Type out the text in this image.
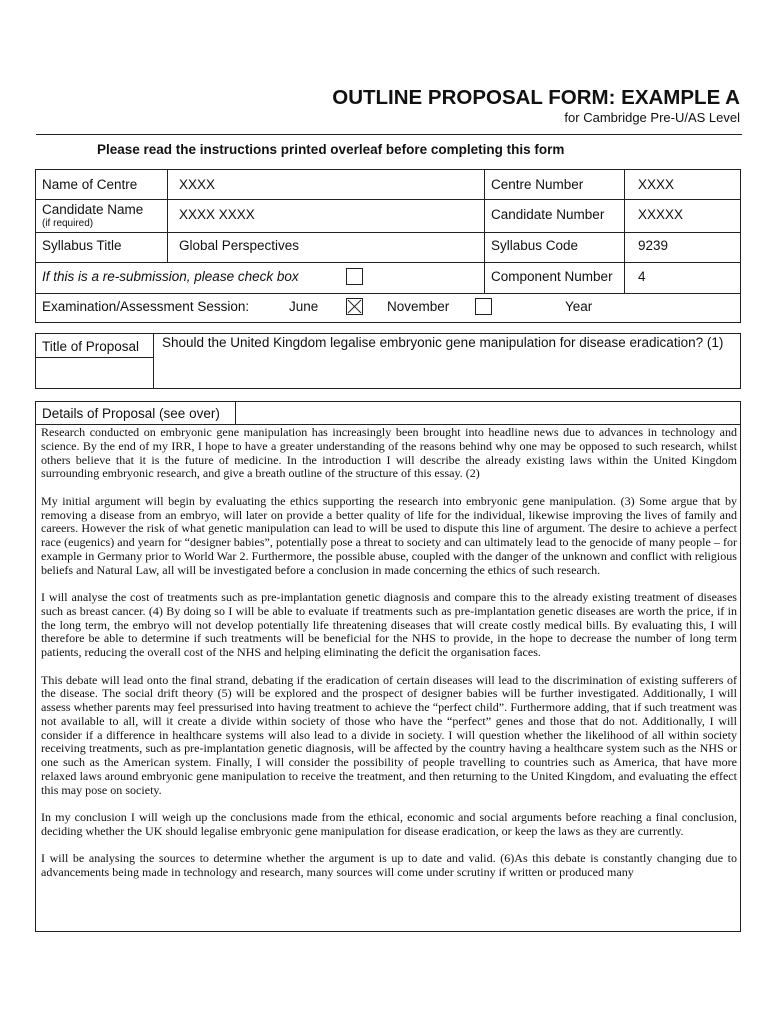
OUTLINE PROPOSAL FORM: EXAMPLE A
for Cambridge Pre-U/AS Level
Please read the instructions printed overleaf before completing this form
Name of Centre	XXXX	Centre Number	XXXX
Candidate Name
(if required)
XXXX XXXX	Candidate Number XXXXX
Syllabus Title	Global Perspectives	Syllabus Code	9239
If this is a re-submission, please check box	Component Number 4
Examination/Assessment Session:	June	November	Year
Title of Proposal Should the United Kingdom legalise embryonic gene manipulation for disease eradication? (1)
Details of Proposal (see over)

Research conducted on embryonic gene manipulation has increasingly been brought into headline news due to advances in technology and science. By the end of my IRR, I hope to have a greater understanding of the reasons behind why one may be opposed to such research, whilst others believe that it is the future of medicine. In the introduction I will describe the already existing laws within the United Kingdom surrounding embryonic research, and give a breath outline of the structure of this essay. (2)

My initial argument will begin by evaluating the ethics supporting the research into embryonic gene manipulation. (3) Some argue that by removing a disease from an embryo, will later on provide a better quality of life for the individual, likewise improving the lives of family and careers. However the risk of what genetic manipulation can lead to will be used to dispute this line of argument. The desire to achieve a perfect race (eugenics) and yearn for “designer babies”, potentially pose a threat to society and can ultimately lead to the genocide of many people – for example in Germany prior to World War 2. Furthermore, the possible abuse, coupled with the danger of the unknown and conflict with religious beliefs and Natural Law, all will be investigated before a conclusion in made concerning the ethics of such research.

I will analyse the cost of treatments such as pre-implantation genetic diagnosis and compare this to the already existing treatment of diseases such as breast cancer. (4) By doing so I will be able to evaluate if treatments such as pre-implantation genetic diseases are worth the price, if in the long term, the embryo will not develop potentially life threatening diseases that will create costly medical bills. By evaluating this, I will therefore be able to determine if such treatments will be beneficial for the NHS to provide, in the hope to decrease the number of long term patients, reducing the overall cost of the NHS and helping eliminating the deficit the organisation faces.

This debate will lead onto the final strand, debating if the eradication of certain diseases will lead to the discrimination of existing sufferers of the disease. The social drift theory (5) will be explored and the prospect of designer babies will be further investigated. Additionally, I will assess whether parents may feel pressurised into having treatment to achieve the “perfect child”. Furthermore adding, that if such treatment was not available to all, will it create a divide within society of those who have the “perfect” genes and those that do not. Additionally, I will consider if a difference in healthcare systems will also lead to a divide in society. I will question whether the likelihood of all within society receiving treatments, such as pre-implantation genetic diagnosis, will be affected by the country having a healthcare system such as the NHS or one such as the American system. Finally, I will consider the possibility of people travelling to countries such as America, that have more relaxed laws around embryonic gene manipulation to receive the treatment, and then returning to the United Kingdom, and evaluating the effect this may pose on society.

In my conclusion I will weigh up the conclusions made from the ethical, economic and social arguments before reaching a final conclusion, deciding whether the UK should legalise embryonic gene manipulation for disease eradication, or keep the laws as they are currently.

I will be analysing the sources to determine whether the argument is up to date and valid. (6)As this debate is constantly changing due to advancements being made in technology and research, many sources will come under scrutiny if written or produced many
